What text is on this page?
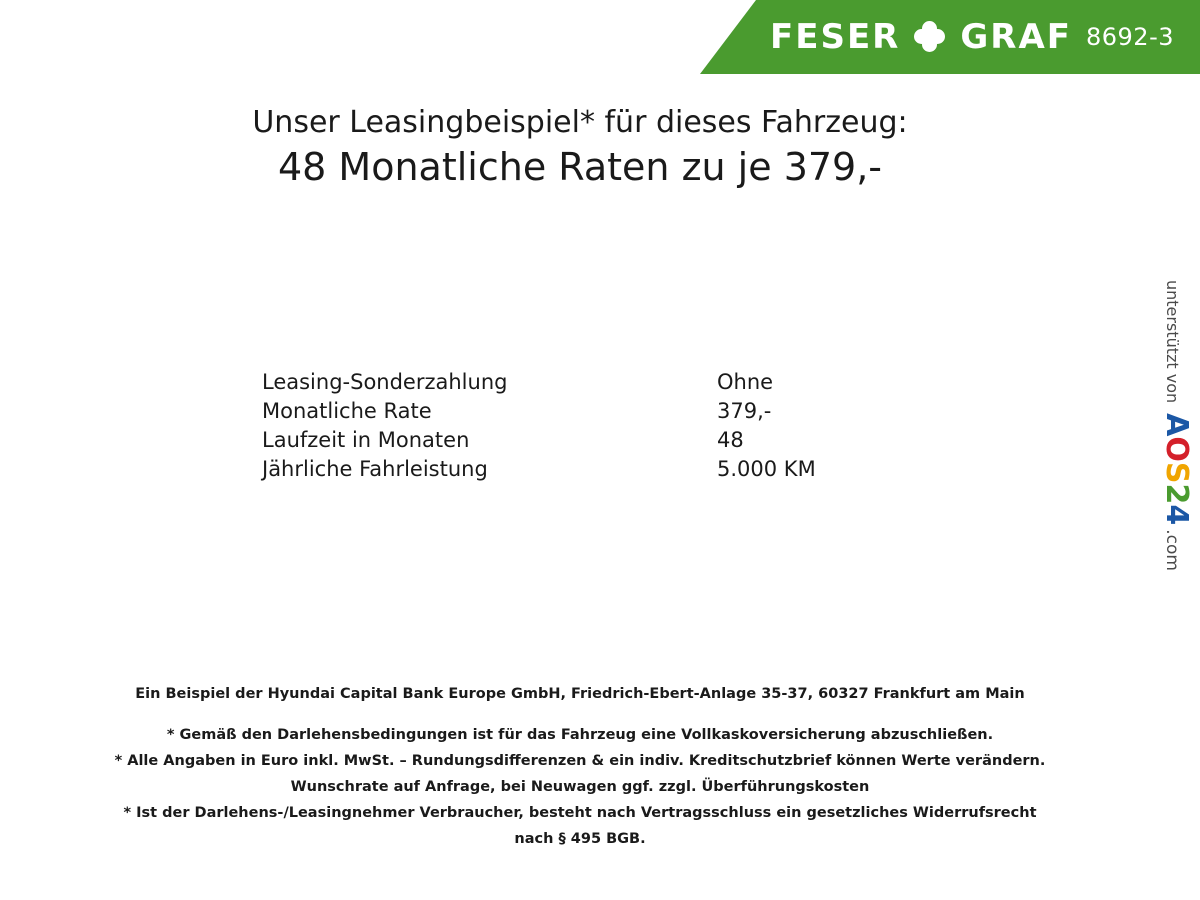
FESER GRAF 8692-3
Unser Leasingbeispiel* für dieses Fahrzeug:
48 Monatliche Raten zu je 379,-
Leasing-Sonderzahlung	Ohne
Monatliche Rate	379,-
Laufzeit in Monaten	48
Jährliche Fahrleistung	5.000 KM
Ein Beispiel der Hyundai Capital Bank Europe GmbH, Friedrich-Ebert-Anlage 35-37, 60327 Frankfurt am Main
* Gemäß den Darlehensbedingungen ist für das Fahrzeug eine Vollkaskoversicherung abzuschließen.
* Alle Angaben in Euro inkl. MwSt. – Rundungsdifferenzen & ein indiv. Kreditschutzbrief können Werte verändern.
Wunschrate auf Anfrage, bei Neuwagen ggf. zzgl. Überführungskosten
* Ist der Darlehens-/Leasingnehmer Verbraucher, besteht nach Vertragsschluss ein gesetzliches Widerrufsrecht
nach § 495 BGB.
unterstützt von
AOS24
.com
